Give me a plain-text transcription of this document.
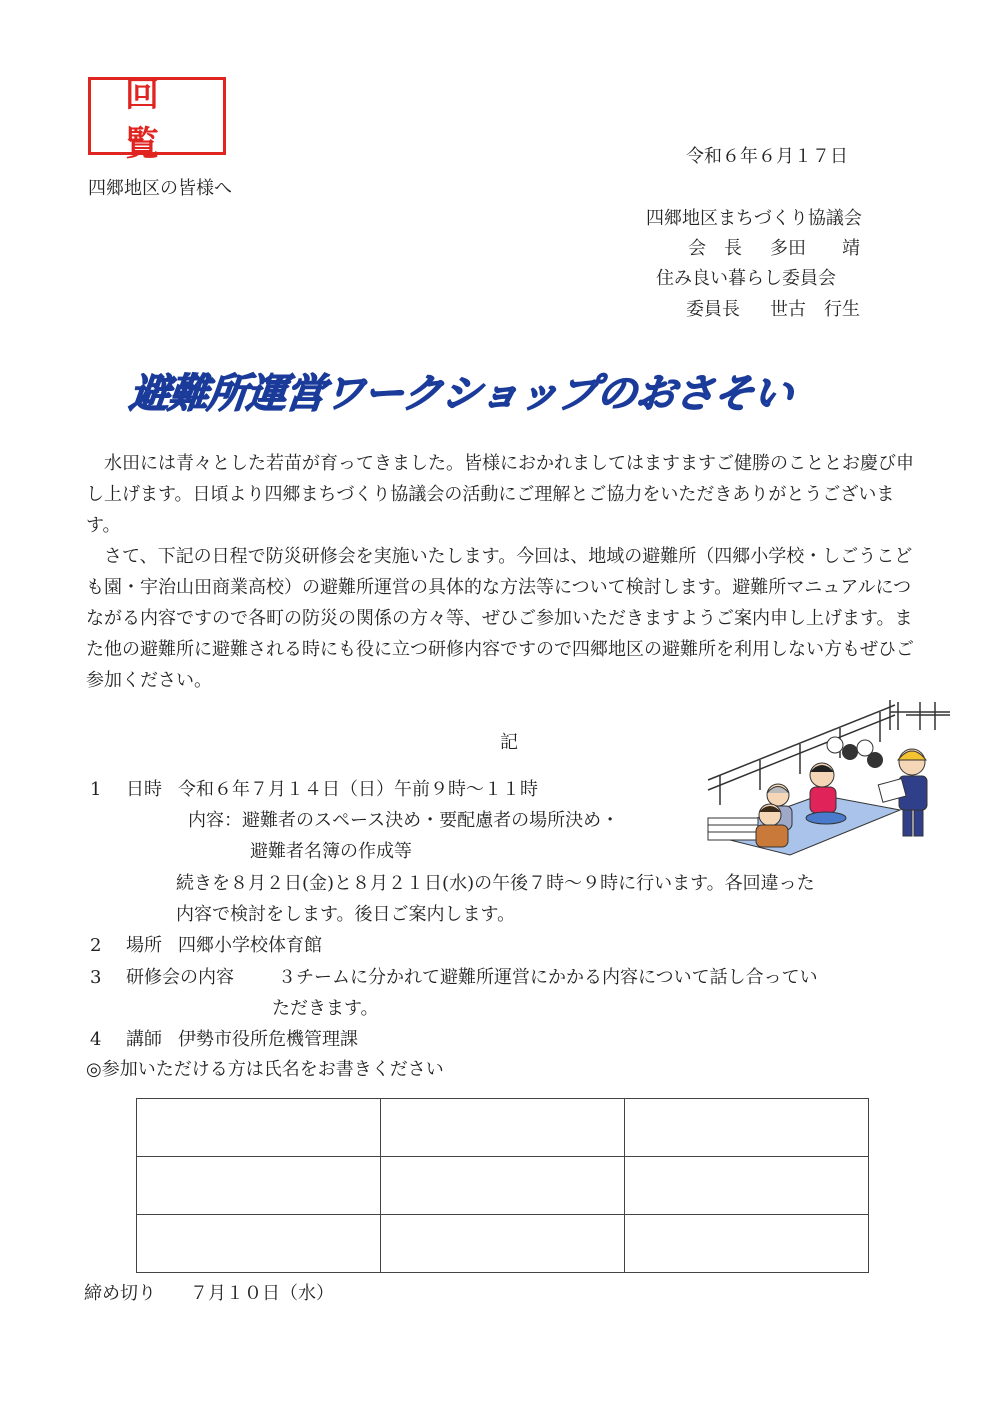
回覧	令和６年６月１７日
四郷地区の皆様へ
四郷地区まちづくり協議会
会　長 多田　　靖
住み良い暮らし委員会
委員長 世古　行生
避難所運営ワークショップのおさそい

水田には青々とした若苗が育ってきました。皆様におかれましてはますますご健勝のこととお慶び申し上げます。日頃より四郷まちづくり協議会の活動にご理解とご協力をいただきありがとうございます。

さて、下記の日程で防災研修会を実施いたします。今回は、地域の避難所（四郷小学校・しごうこども園・宇治山田商業高校）の避難所運営の具体的な方法等について検討します。避難所マニュアルにつながる内容ですので各町の防災の関係の方々等、ぜひご参加いただきますようご案内申し上げます。また他の避難所に避難される時にも役に立つ研修内容ですので四郷地区の避難所を利用しない方もぜひご参加ください。

記
1 日時 令和６年７月１４日（日）午前９時～１１時
内容：避難者のスペース決め・要配慮者の場所決め・
避難者名簿の作成等
続きを８月２日(金)と８月２１日(水)の午後７時～９時に行います。各回違った
内容で検討をします。後日ご案内します。
2 場所 四郷小学校体育館
3 研修会の内容 ３チームに分かれて避難所運営にかかる内容について話し合ってい
ただきます。
4 講師 伊勢市役所危機管理課
◎参加いただける方は氏名をお書きください

締め切り ７月１０日（水）
